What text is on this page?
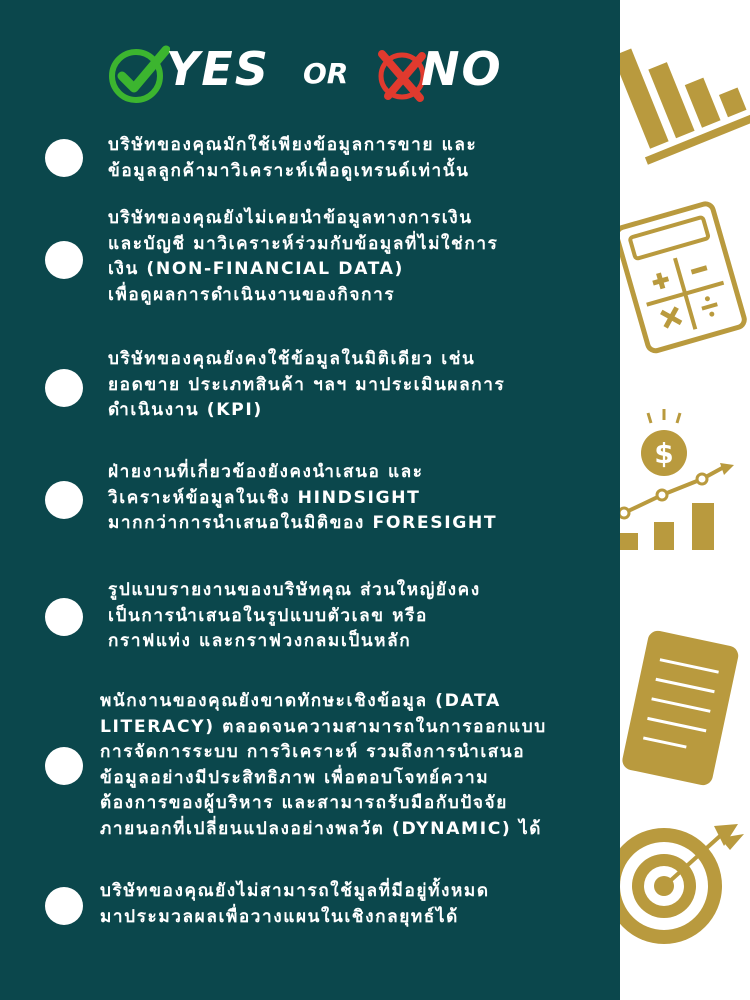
YES OR NO
บริษัทของคุณมักใช้เพียงข้อมูลการขาย และ
ข้อมูลลูกค้ามาวิเคราะห์เพื่อดูเทรนด์เท่านั้น
บริษัทของคุณยังไม่เคยนำข้อมูลทางการเงิน
และบัญชี มาวิเคราะห์ร่วมกับข้อมูลที่ไม่ใช่การ
เงิน (NON-FINANCIAL DATA)
เพื่อดูผลการดำเนินงานของกิจการ
บริษัทของคุณยังคงใช้ข้อมูลในมิติเดียว เช่น
ยอดขาย ประเภทสินค้า ฯลฯ มาประเมินผลการ
ดำเนินงาน (KPI)
ฝ่ายงานที่เกี่ยวข้องยังคงนำเสนอ และ
วิเคราะห์ข้อมูลในเชิง HINDSIGHT
มากกว่าการนำเสนอในมิติของ FORESIGHT
รูปแบบรายงานของบริษัทคุณ ส่วนใหญ่ยังคง
เป็นการนำเสนอในรูปแบบตัวเลข หรือ
กราฟแท่ง และกราฟวงกลมเป็นหลัก
พนักงานของคุณยังขาดทักษะเชิงข้อมูล (DATA
LITERACY) ตลอดจนความสามารถในการออกแบบ
การจัดการระบบ การวิเคราะห์ รวมถึงการนำเสนอ
ข้อมูลอย่างมีประสิทธิภาพ เพื่อตอบโจทย์ความ
ต้องการของผู้บริหาร และสามารถรับมือกับปัจจัย
ภายนอกที่เปลี่ยนแปลงอย่างพลวัต (DYNAMIC) ได้
บริษัทของคุณยังไม่สามารถใช้มูลที่มีอยู่ทั้งหมด
มาประมวลผลเพื่อวางแผนในเชิงกลยุทธ์ได้
$
